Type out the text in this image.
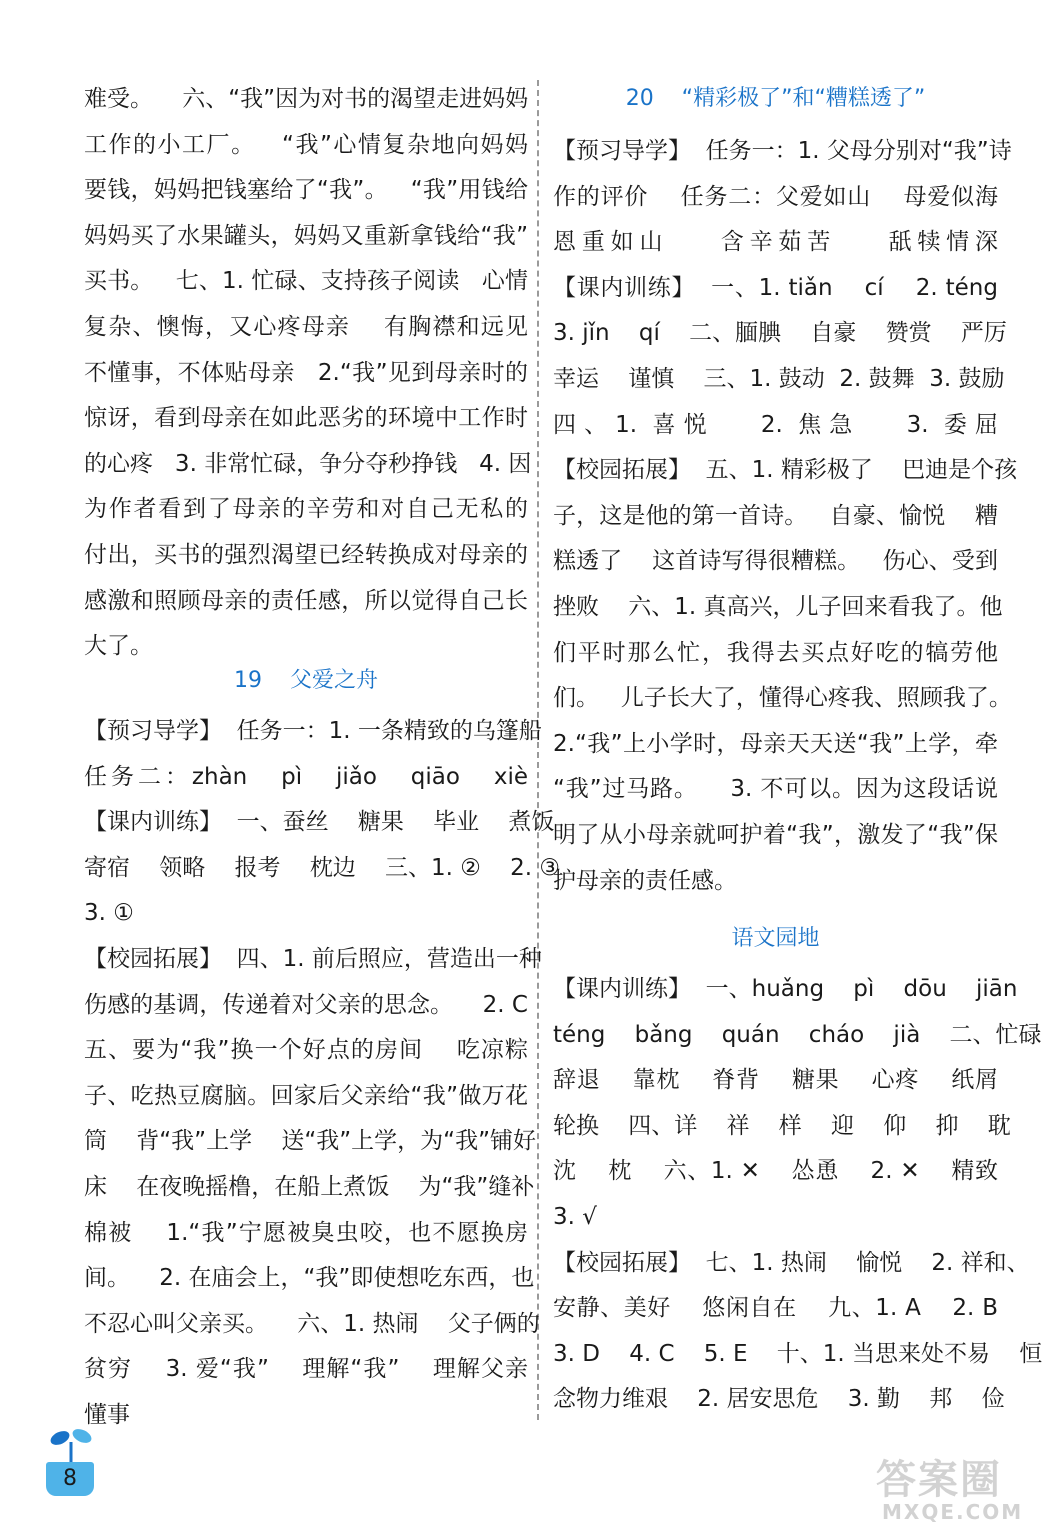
难受。    六、“我”因为对书的渴望走进妈妈
工作的小工厂。   “我”心情复杂地向妈妈
要钱，妈妈把钱塞给了“我”。   “我”用钱给
妈妈买了水果罐头，妈妈又重新拿钱给“我”
买书。   七、1. 忙碌、支持孩子阅读   心情
复杂、懊悔，又心疼母亲    有胸襟和远见
不懂事，不体贴母亲   2.“我”见到母亲时的
惊讶，看到母亲在如此恶劣的环境中工作时
的心疼   3. 非常忙碌，争分夺秒挣钱   4. 因
为作者看到了母亲的辛劳和对自己无私的
付出，买书的强烈渴望已经转换成对母亲的
感激和照顾母亲的责任感，所以觉得自己长
大了。
19    父爱之舟
【预习导学】  任务一：1. 一条精致的乌篷船
任务二：zhàn   pì   jiǎo   qiāo   xiè
【课内训练】  一、蚕丝    糖果    毕业    煮饭
寄宿    领略    报考    枕边    三、1. ②    2. ③
3. ①
【校园拓展】  四、1. 前后照应，营造出一种
伤感的基调，传递着对父亲的思念。    2. C
五、要为“我”换一个好点的房间    吃凉粽
子、吃热豆腐脑。回家后父亲给“我”做万花
筒    背“我”上学    送“我”上学，为“我”铺好
床    在夜晚摇橹，在船上煮饭    为“我”缝补
棉被    1.“我”宁愿被臭虫咬，也不愿换房
间。    2. 在庙会上，“我”即使想吃东西，也
不忍心叫父亲买。    六、1. 热闹    父子俩的
贫穷    3. 爱“我”    理解“我”    理解父亲
懂事
20    “精彩极了”和“糟糕透了”
【预习导学】  任务一：1. 父母分别对“我”诗
作的评价    任务二：父爱如山    母爱似海
恩重如山    含辛茹苦    舐犊情深
【课内训练】  一、1. tiǎn    cí    2. téng
3. jǐn    qí    二、腼腆    自豪    赞赏    严厉
幸运    谨慎    三、1. 鼓动  2. 鼓舞  3. 鼓励
四、1. 喜悦   2. 焦急   3. 委屈
【校园拓展】  五、1. 精彩极了    巴迪是个孩
子，这是他的第一首诗。   自豪、愉悦    糟
糕透了    这首诗写得很糟糕。   伤心、受到
挫败    六、1. 真高兴，儿子回来看我了。他
们平时那么忙，我得去买点好吃的犒劳他
们。   儿子长大了，懂得心疼我、照顾我了。
2.“我”上小学时，母亲天天送“我”上学，牵
“我”过马路。    3. 不可以。因为这段话说
明了从小母亲就呵护着“我”，激发了“我”保
护母亲的责任感。
语文园地
【课内训练】  一、huǎng    pì    dōu    jiān
téng    bǎng    quán    cháo    jià    二、忙碌
辞退    靠枕    脊背    糖果    心疼    纸屑
轮换    四、详    祥    样    迎    仰    抑    耽
沈    枕    六、1. ✕    怂恿    2. ✕    精致
3. √
【校园拓展】  七、1. 热闹    愉悦    2. 祥和、
安静、美好    悠闲自在    九、1. A    2. B
3. D    4. C    5. E    十、1. 当思来处不易    恒
念物力维艰    2. 居安思危    3. 勤    邦    俭
8	答案圈
MXQE.COM
